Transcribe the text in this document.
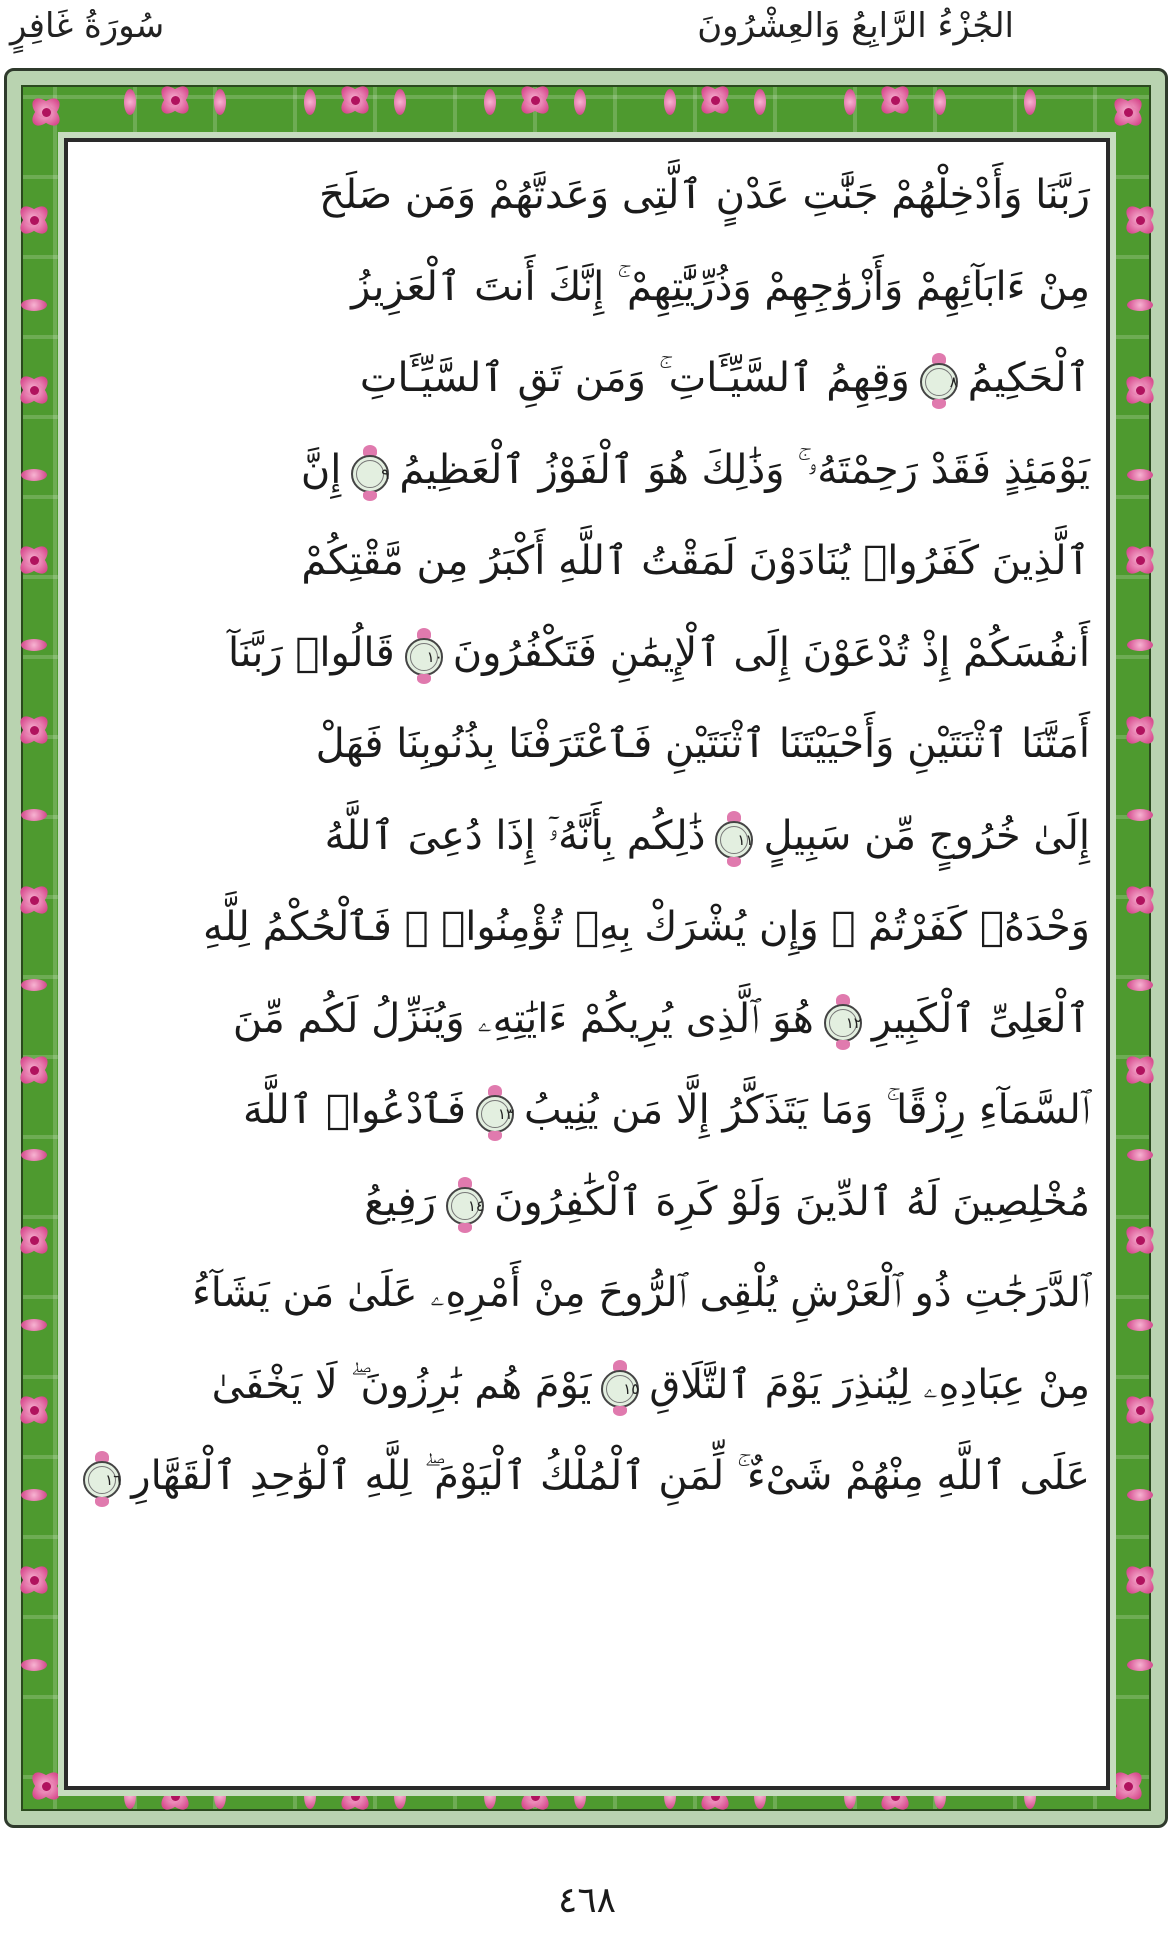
الجُزْءُ الرَّابِعُ وَالعِشْرُونَ
سُورَةُ غَافِرٍ
رَبَّنَا وَأَدْخِلْهُمْ جَنَّٰتِ عَدْنٍ ٱلَّتِى وَعَدتَّهُمْ وَمَن صَلَحَ
مِنْ ءَابَآئِهِمْ وَأَزْوَٰجِهِمْ وَذُرِّيَّٰتِهِمْ ۚ إِنَّكَ أَنتَ ٱلْعَزِيزُ
ٱلْحَكِيمُ
٨
وَقِهِمُ ٱلسَّيِّـَٔاتِ ۚ وَمَن تَقِ ٱلسَّيِّـَٔاتِ
يَوْمَئِذٍ فَقَدْ رَحِمْتَهُۥ ۚ وَذَٰلِكَ هُوَ ٱلْفَوْزُ ٱلْعَظِيمُ
٩
إِنَّ
ٱلَّذِينَ كَفَرُوا۟ يُنَادَوْنَ لَمَقْتُ ٱللَّهِ أَكْبَرُ مِن مَّقْتِكُمْ
أَنفُسَكُمْ إِذْ تُدْعَوْنَ إِلَى ٱلْإِيمَٰنِ فَتَكْفُرُونَ
١٠
قَالُوا۟ رَبَّنَآ
أَمَتَّنَا ٱثْنَتَيْنِ وَأَحْيَيْتَنَا ٱثْنَتَيْنِ فَٱعْتَرَفْنَا بِذُنُوبِنَا فَهَلْ
إِلَىٰ خُرُوجٍ مِّن سَبِيلٍ
١١
ذَٰلِكُم بِأَنَّهُۥٓ إِذَا دُعِىَ ٱللَّهُ
وَحْدَهُۥ كَفَرْتُمْ ۖ وَإِن يُشْرَكْ بِهِۦ تُؤْمِنُوا۟ ۚ فَٱلْحُكْمُ لِلَّهِ
ٱلْعَلِىِّ ٱلْكَبِيرِ
١٢
هُوَ ٱلَّذِى يُرِيكُمْ ءَايَٰتِهِۦ وَيُنَزِّلُ لَكُم مِّنَ
ٱلسَّمَآءِ رِزْقًا ۚ وَمَا يَتَذَكَّرُ إِلَّا مَن يُنِيبُ
١٣
فَٱدْعُوا۟ ٱللَّهَ
مُخْلِصِينَ لَهُ ٱلدِّينَ وَلَوْ كَرِهَ ٱلْكَٰفِرُونَ
١٤
رَفِيعُ
ٱلدَّرَجَٰتِ ذُو ٱلْعَرْشِ يُلْقِى ٱلرُّوحَ مِنْ أَمْرِهِۦ عَلَىٰ مَن يَشَآءُ
مِنْ عِبَادِهِۦ لِيُنذِرَ يَوْمَ ٱلتَّلَاقِ
١٥
يَوْمَ هُم بَٰرِزُونَ ۖ لَا يَخْفَىٰ
عَلَى ٱللَّهِ مِنْهُمْ شَىْءٌ ۚ لِّمَنِ ٱلْمُلْكُ ٱلْيَوْمَ ۖ لِلَّهِ ٱلْوَٰحِدِ ٱلْقَهَّارِ
١٦
٤٦٨
